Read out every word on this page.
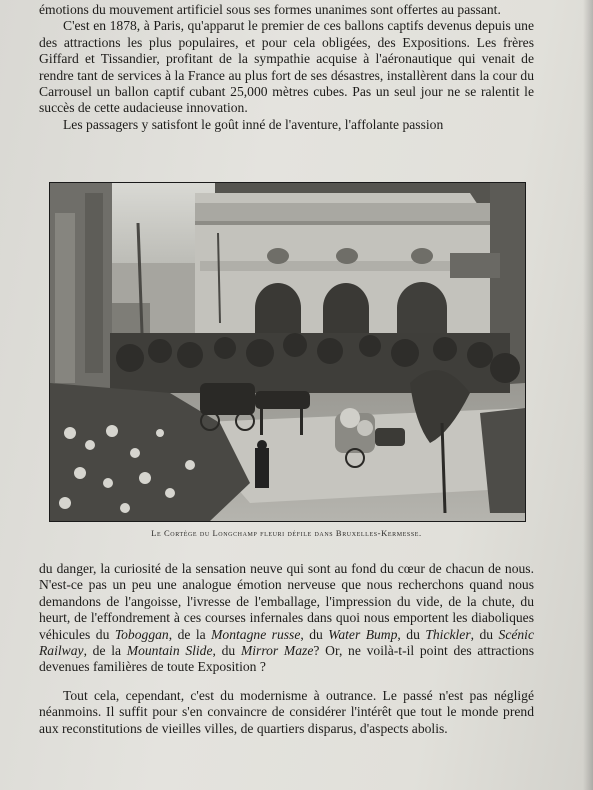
émotions du mouvement artificiel sous ses formes unanimes sont offertes au passant.

C'est en 1878, à Paris, qu'apparut le premier de ces ballons captifs devenus depuis une des attractions les plus populaires, et pour cela obligées, des Expositions. Les frères Giffard et Tissandier, profitant de la sympathie acquise à l'aéronautique qui venait de rendre tant de services à la France au plus fort de ses désastres, installèrent dans la cour du Carrousel un ballon captif cubant 25,000 mètres cubes. Pas un seul jour ne se ralentit le succès de cette audacieuse innovation.

Les passagers y satisfont le goût inné de l'aventure, l'affolante passion

Le Cortège du Longchamp fleuri défile dans Bruxelles-Kermesse.

du danger, la curiosité de la sensation neuve qui sont au fond du cœur de chacun de nous. N'est-ce pas un peu une analogue émotion nerveuse que nous recherchons quand nous demandons de l'angoisse, l'ivresse de l'emballage, l'impression du vide, de la chute, du heurt, de l'effondrement à ces courses infernales dans quoi nous emportent les diaboliques véhicules du Toboggan, de la Montagne russe, du Water Bump, du Thickler, du Scénic Railway, de la Mountain Slide, du Mirror Maze? Or, ne voilà-t-il point des attractions devenues familières de toute Exposition ?

Tout cela, cependant, c'est du modernisme à outrance. Le passé n'est pas négligé néanmoins. Il suffit pour s'en convaincre de considérer l'intérêt que tout le monde prend aux reconstitutions de vieilles villes, de quartiers disparus, d'aspects abolis.
